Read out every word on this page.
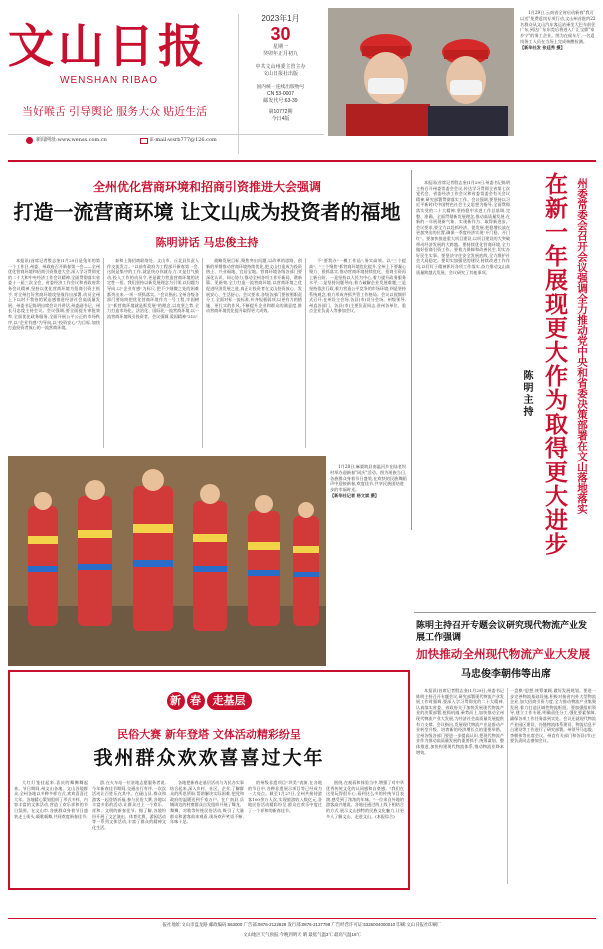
文山日报
WENSHAN RIBAO
当好喉舌 引导舆论 服务大众 贴近生活
2023年1月
30
星期一
癸卯年正月初九
中共文山州委主管主办
文山日报社出版
国内统一连续出版物号
CN 53-0007
邮发代号:63-39
第10772期
今日4版
1月29日,云南省全省启动新春"我可以送"免费返岗专项行动,文山州首批约22名群众从文山汽车客运站乘坐大巴车前往广东,到达广东东莞后将进入广汇宝鼎"家乡宁"的务工企业。图为在候车厅,一名返岗务工人员在当场上完成核酸检测。 【新华社发 张廷秀 摄】
新闻网址:www.wenss.com.cn	E-mail:wsrb777@126.com
全州优化营商环境和招商引资推进大会强调
打造一流营商环境 让文山成为投资者的福地
陈明讲话 马忠俊主持
本报讯(首席记者殷志奎)1月29日是兔年的第一个工作日,州委、州政府召开新春第一会——全州优化营商环境和招商引资推进大会,深入学习贯彻党的二十大和中央经济工作会议精神,全面贯彻落实省委十一届三次全会、省委经济工作会议和省政府常务会议精神,坚持以优化营商环境为招商引资主抓手,对全州打好营商环境攻坚战作出部署,动员全州上下以时不我待的紧迫感推进经济社会高质量发展。州委书记陈明出席会议并讲话,州委副书记、州长马忠俊主持会议。会议强调,要全面提升审批效率,全面优化政务服务,全面开展公平公正的市场秩序,以"企业有感"为导向,以"投资安心"为目标,加快打造投资者放心的一流营商环境。
泰和上海招商联络处、文山市、丘北县负责人作交流发言。"以前有政府为工程部开新春第一会,这既是集中的工作,就是快办你就办力,又是打气鼓动,投入工作的动员令,更是做力营造营商环境的决定性一招。我们坚持以新发展理念为引领,以问题为导向,以"企业有感"为标尺,把不少细微之处的困难都列出来,一项一项抓落实。"会议指出,全州各级各部门要始终把优化营商环境作为一号工程,牢固树立"抓营商环境就是抓发展"的理念,以攻坚之势,全力打造市场化、法治化、国际化一流营商环境,以一流营商环境吸引投资者。会议强调,爱国精神"315"
战略发展目标,聚焦突出问题,以改革的思路、创新的举措推动营商环境持续优化,把文山打造成为投资热土、兴业福地、宜居宝地。营商环境各级各部门要深化认识、同心协力,推动全州各项工作开新局、谱新篇、见新效,全力打造一流营商环境,以营商环境之优促进经济发展之进,真正让投资者在文山投资放心、发展安心、生活舒心。会议要求,各级各部门要按照职责分工,全面对标一流标准,补齐短板弱项,以更有力的措施、更扎实的作风,不断提升企业和群众的满意度,推动营商环境优化提升取得更大成效。
不"要我办"一模工作品",务实高效。以"三个提高"、"三个聚焦"抓营商环境优化提升,全州上下要凝心聚力、狠抓落实,推动营商环境持续优化、招商引资再上新台阶。一是坚持以人民为中心,着力提升政务服务水平;二是坚持问题导向,着力破解企业发展难题;三是坚持依法行政,着力营造公平竞争的市场环境;四是坚持系统观念,着力形成齐抓共管工作格局。会议以视频形式召开,在州设主会场,各县(市)设分会场。州级领导,州直各部门、各县(市)主要负责同志,驻州各单位、重点企业负责人等参加会议。
本报讯(首席记者殷志奎)1月29日,州委书记陈明主持召开州委常委会会议,传达学习贯彻全省第七次党代会、省委经济工作会议和省委常委会有关会议精神,研究部署贯彻落实工作。会议强调,要坚持以习近平新时代中国特色社会主义思想为指导,全面贯彻落实党的二十大精神,坚持稳中求进工作总基调,完整、准确、全面贯彻新发展理念,推动高质量发展,在新的一年展现新气象、实现新作为、取得新进步。会议要求,要全力以赴抓经济、促发展,把稳增长放在更加突出的位置,确保一季度经济实现"开门稳、开门红"。要加快推进重大项目建设,以项目建设的大突破带动经济发展的大跨越。要持续优化营商环境,全力做好招商引资工作。要着力保障和改善民生,切实办好民生实事。要坚决守住安全发展底线,全力维护社会大局稳定。要切实加强党的建设,持续改进工作作风,以钉钉子精神抓好各项工作落实,奋力推动文山高质量跨越式发展。会议研究了其他事项。	在新一年展现更大作为取得更大进步 州委常委会召开会议强调全力推动党中央和省委决策部署在文山落地落实
陈明主持
1月28日,麻栗坡县南温河乡在陆老坝村举办迎新春"同庆"活动。图为瑶族当日,各族群众身着节日盛装,在欢快的民族舞蹈声中迎接新春,欢度佳节,共享民族团结进步的幸福时光。 【新华社记者 杨文斌 摄】
陈明主持召开专题会议研究现代物流产业发展工作强调
加快推动全州现代物流产业大发展
马忠俊李朝伟等出席
本报讯(首席记者殷志奎)1月29日,州委书记陈明主持召开专题会议,研究部署现代物流产业发展工作时强调,要深入学习贯彻党的二十大精神,认真落实省委、省政府关于加快发展现代物流产业的决策部署,抢抓机遇,乘势而上,加快推动全州现代物流产业大发展,为经济社会高质量发展提供有力支撑。会议指出,发展现代物流产业是推动产业转型升级、培育新的经济增长点的重要举措。全州各级各部门要进一步提高认识,把现代物流产业作为推动高质量发展的重要抓手,统筹谋划、整体推进,加快构建现代物流体系,推动物流业降本增效。
一盘棋"思想,统筹兼顾,做好发展规划。要进一步完善物流基础设施,积极对接省内外大型物流企业,加大招商引资力度,全力推动物流产业集聚发展,着力打造区域性物流枢纽。要加强组织领导,建立工作专班,明确责任分工,强化要素保障,确保各项工作任务落到实处。会议还就现代物流产业园区建设、冷链物流体系建设、物流信息平台建设等工作进行了研究部署。州领导马忠俊、李朝伟等出席会议。州直有关部门和各县(市)主要负责同志参加会议。
新 春	走基层
民俗大赛 新年登塔 文体活动精彩纷呈
我州群众欢欢喜喜过大年
大红灯笼挂起来,喜庆的舞狮舞起来。节日期间,州文山各地、文山各地群众,全州各地以多种多样方式,欢欢喜喜过大年。各地精心策划组织了形式多样、内容丰富的文体活动,营造了欢乐祥和的节日氛围。在文山市,各族群众身着节日盛装走上街头,载歌载舞,共同欢度新春佳节;
游,在火车站一位驻地志愿服务者说,今年新春佳节期间,交通出行有序,一次次活动让百姓乐在其中。在砚山县,群众和游客一起登塔祈福,参与民俗大赛,各地以丰富多彩的活动,让群众过上一个欢乐、祥和、文明的新春佳节。据了解,各地纷纷开展了文艺演出、体育比赛、游园活动等一系列文体活动,丰富了群众的精神文化生活。
各地把新春走基层活动与为民办实事结合起来,深入乡村、社区、企业,了解群众的所思所盼,帮助解决实际困难,把党和政府的温暖送到千家万户。在广南县,县城周边的村寨群众自发组织开展了舞龙、舞狮、对歌等传统民俗活动,吸引了大量群众和游客前来观看,现场欢声笑语不断,年味十足。
的州级非遗项目"坝美"表演,在各地的节日中,各种非遗展示项目等已经成为一大亮点。截至1月27日,全州共接待游客100余万人次,实现旅游收入数亿元,各地民俗活动精彩纷呈,群众在欢乐中度过了一个祥和的新春佳节。
围绕,在观看和体验当中,增强了对中华优秀传统文化的认同感和自豪感。"我们在这里玩得很开心,看到这么多的传统节目表演,感受到了浓浓的年味。"一位来自外地的游客高兴地说。各地还通过线上线下相结合的方式,展示文山独特的民族文化魅力,让更多人了解文山、走进文山。(本报综合)
报社地址:文山市盘龙路 邮政编码:663000 广告部:0876-2122828 发行部:0876-2137798 广告经营许可证:5326004000010 印刷:文山日报社印刷厂
文山地区天气预报:今晚到明天 晴 最低气温3℃ 最高气温16℃
